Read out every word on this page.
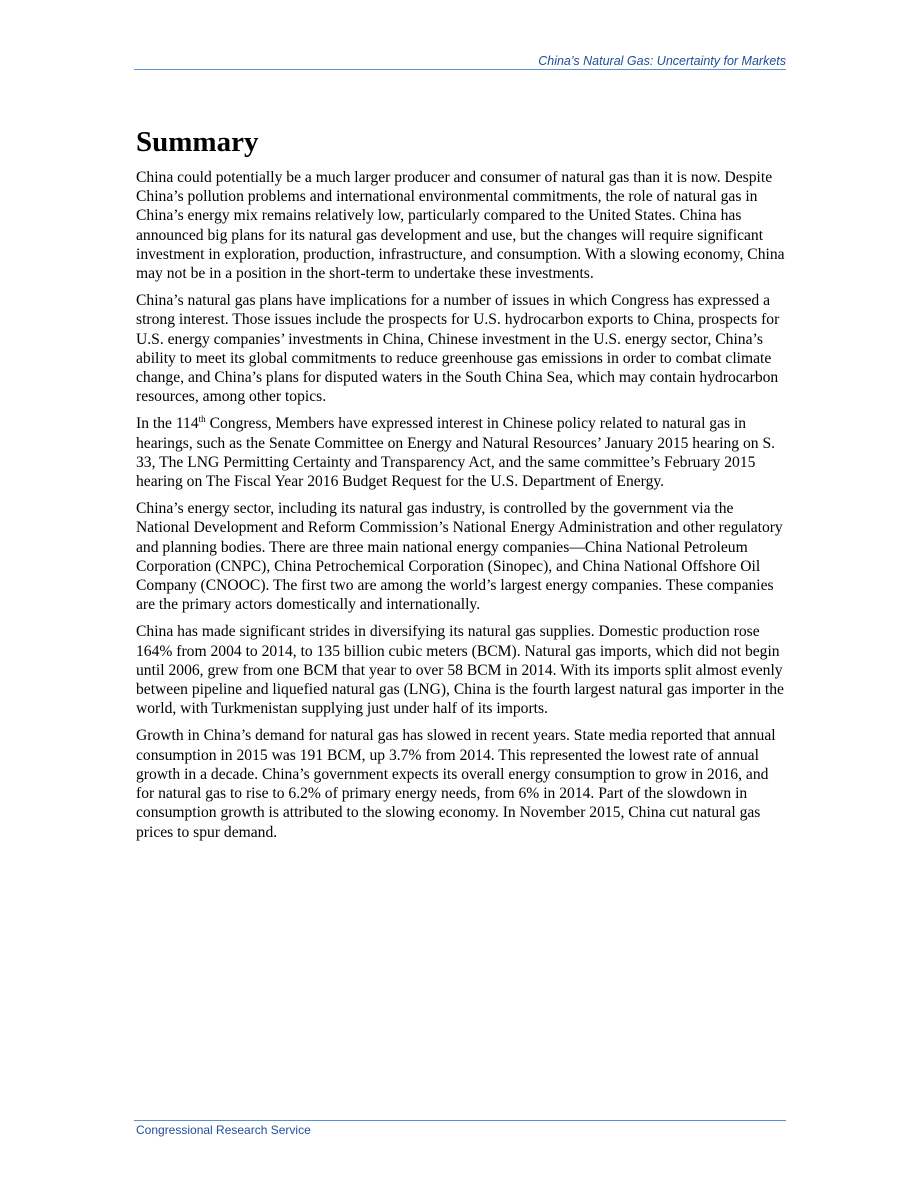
China’s Natural Gas: Uncertainty for Markets
Summary

China could potentially be a much larger producer and consumer of natural gas than it is now. Despite China’s pollution problems and international environmental commitments, the role of natural gas in China’s energy mix remains relatively low, particularly compared to the United States. China has announced big plans for its natural gas development and use, but the changes will require significant investment in exploration, production, infrastructure, and consumption. With a slowing economy, China may not be in a position in the short-term to undertake these investments.

China’s natural gas plans have implications for a number of issues in which Congress has expressed a strong interest. Those issues include the prospects for U.S. hydrocarbon exports to China, prospects for U.S. energy companies’ investments in China, Chinese investment in the U.S. energy sector, China’s ability to meet its global commitments to reduce greenhouse gas emissions in order to combat climate change, and China’s plans for disputed waters in the South China Sea, which may contain hydrocarbon resources, among other topics.

In the 114th Congress, Members have expressed interest in Chinese policy related to natural gas in hearings, such as the Senate Committee on Energy and Natural Resources’ January 2015 hearing on S. 33, The LNG Permitting Certainty and Transparency Act, and the same committee’s February 2015 hearing on The Fiscal Year 2016 Budget Request for the U.S. Department of Energy.

China’s energy sector, including its natural gas industry, is controlled by the government via the National Development and Reform Commission’s National Energy Administration and other regulatory and planning bodies. There are three main national energy companies—China National Petroleum Corporation (CNPC), China Petrochemical Corporation (Sinopec), and China National Offshore Oil Company (CNOOC). The first two are among the world’s largest energy companies. These companies are the primary actors domestically and internationally.

China has made significant strides in diversifying its natural gas supplies. Domestic production rose 164% from 2004 to 2014, to 135 billion cubic meters (BCM). Natural gas imports, which did not begin until 2006, grew from one BCM that year to over 58 BCM in 2014. With its imports split almost evenly between pipeline and liquefied natural gas (LNG), China is the fourth largest natural gas importer in the world, with Turkmenistan supplying just under half of its imports.

Growth in China’s demand for natural gas has slowed in recent years. State media reported that annual consumption in 2015 was 191 BCM, up 3.7% from 2014. This represented the lowest rate of annual growth in a decade. China’s government expects its overall energy consumption to grow in 2016, and for natural gas to rise to 6.2% of primary energy needs, from 6% in 2014. Part of the slowdown in consumption growth is attributed to the slowing economy. In November 2015, China cut natural gas prices to spur demand.

Congressional Research Service
